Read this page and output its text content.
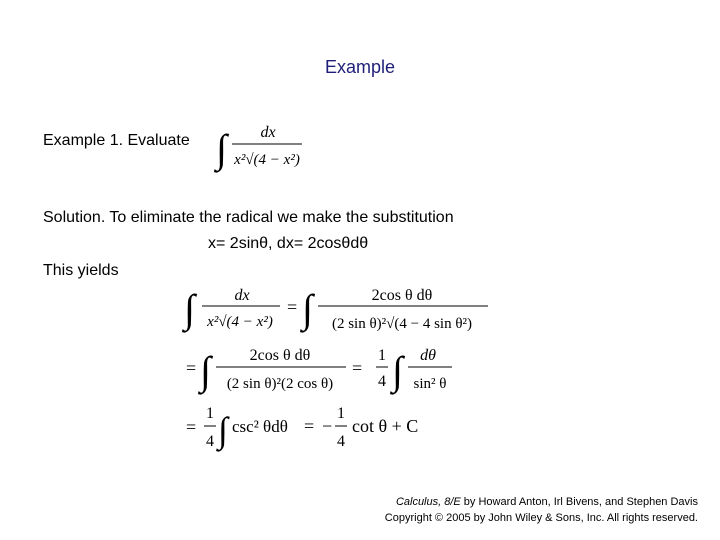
Example
Example 1. Evaluate ∫ dx
x²√(4 − x²)
Solution. To eliminate the radical we make the substitution
x= 2sinθ, dx= 2cosθdθ
This yields
∫ dx
x²√(4 − x²)
= ∫	2cos θ dθ
(2 sin θ)²√(4 − 4 sin θ²)
= ∫ 2cos θ dθ
(2 sin θ)²(2 cos θ)
=
1
4 ∫ dθ
sin² θ
=
1
4 ∫ csc² θdθ = −
1
4
cot θ + C
Calculus, 8/E by Howard Anton, Irl Bivens, and Stephen Davis
Copyright © 2005 by John Wiley & Sons, Inc. All rights reserved.
